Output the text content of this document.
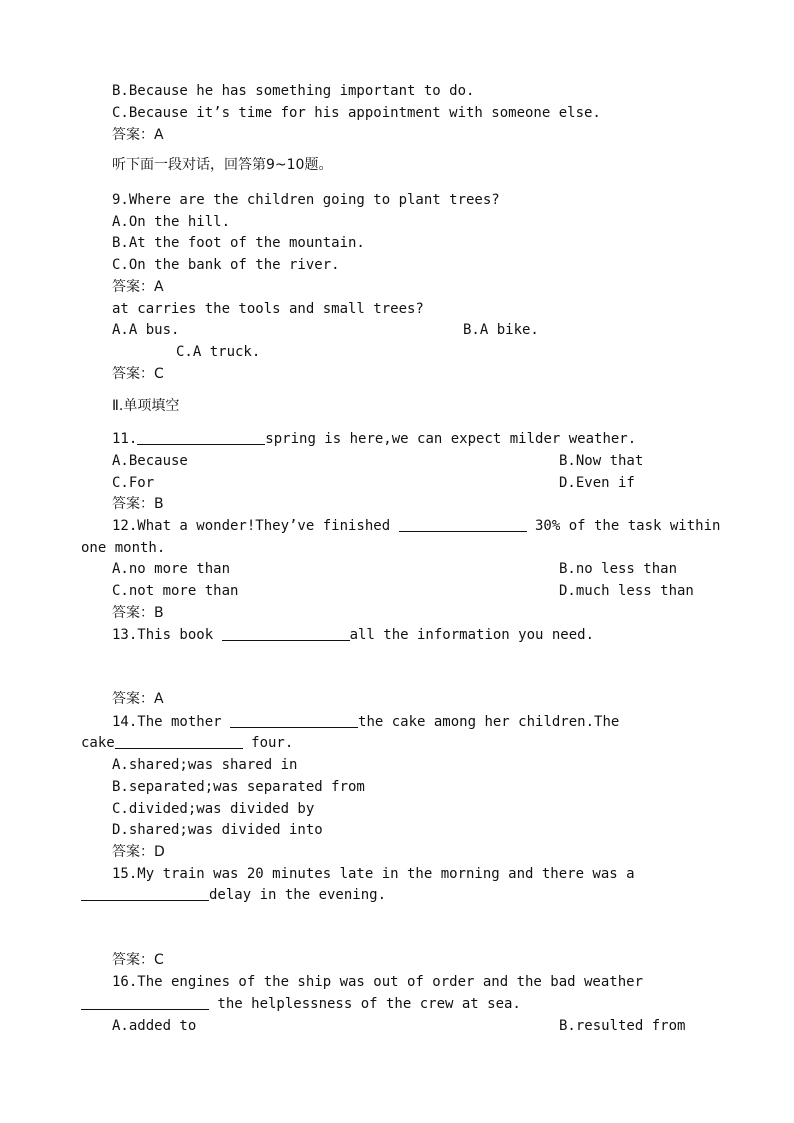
B.Because he has something important to do.
C.Because it’s time for his appointment with someone else.
答案：A
听下面一段对话，回答第9~10题。
9.Where are the children going to plant trees?
A.On the hill.
B.At the foot of the mountain.
C.On the bank of the river.
答案：A
at carries the tools and small trees?
A.A bus.	B.A bike.
C.A truck.
答案：C
Ⅱ.单项填空
11.	spring is here,we can expect milder weather.
A.Because	B.Now that
C.For	D.Even if
答案：B
12.What a wonder!They’ve finished	30% of the task within
one month.
A.no more than	B.no less than
C.not more than	D.much less than
答案：B
13.This book	all the information you need.
答案：A
14.The mother	the cake among her children.The
cake	four.
A.shared;was shared in
B.separated;was separated from
C.divided;was divided by
D.shared;was divided into
答案：D
15.My train was 20 minutes late in the morning and there was a
delay in the evening.
答案：C
16.The engines of the ship was out of order and the bad weather
the helplessness of the crew at sea.
A.added to	B.resulted from
